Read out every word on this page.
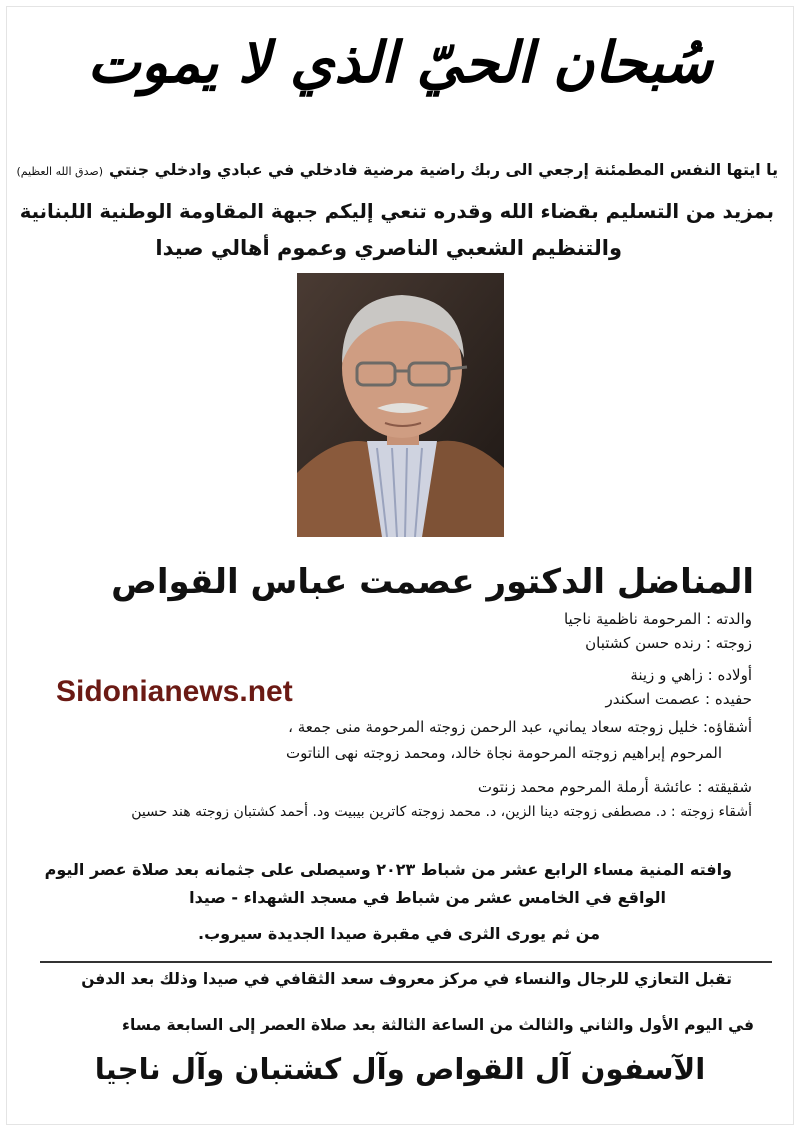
سُبحان الحيّ الذي لا يموت
يا ايتها النفس المطمئنة إرجعي الى ربك راضية مرضية فادخلي في عبادي وادخلي جنتي(صدق الله العظيم)
بمزيد من التسليم بقضاء الله وقدره تنعي إليكم جبهة المقاومة الوطنية اللبنانية
والتنظيم الشعبي الناصري وعموم أهالي صيدا
المناضل الدكتور عصمت عباس القواص
والدته : المرحومة ناظمية ناجيا
زوجته : رنده حسن كشتبان
أولاده : زاهي و زينة
حفيده : عصمت اسكندر
أشقاؤه: خليل زوجته سعاد يماني، عبد الرحمن زوجته المرحومة منى جمعة ،
المرحوم إبراهيم زوجته المرحومة نجاة خالد، ومحمد زوجته نهى الناتوت
شقيقته : عائشة أرملة المرحوم محمد زنتوت
أشقاء زوجته : د. مصطفى زوجته دينا الزين، د. محمد زوجته كاترين بيبيت ود. أحمد كشتبان زوجته هند حسين
Sidonianews.net
وافته المنية مساء الرابع عشر من شباط ٢٠٢٣ وسيصلى على جثمانه بعد صلاة عصر اليوم
الواقع في الخامس عشر من شباط في مسجد الشهداء - صيدا
من ثم يورى الثرى في مقبرة صيدا الجديدة سيروب.
تقبل التعازي للرجال والنساء في مركز معروف سعد الثقافي في صيدا وذلك بعد الدفن
في اليوم الأول والثاني والثالث من الساعة الثالثة بعد صلاة العصر إلى السابعة مساء
الآسفون آل القواص وآل كشتبان وآل ناجيا
